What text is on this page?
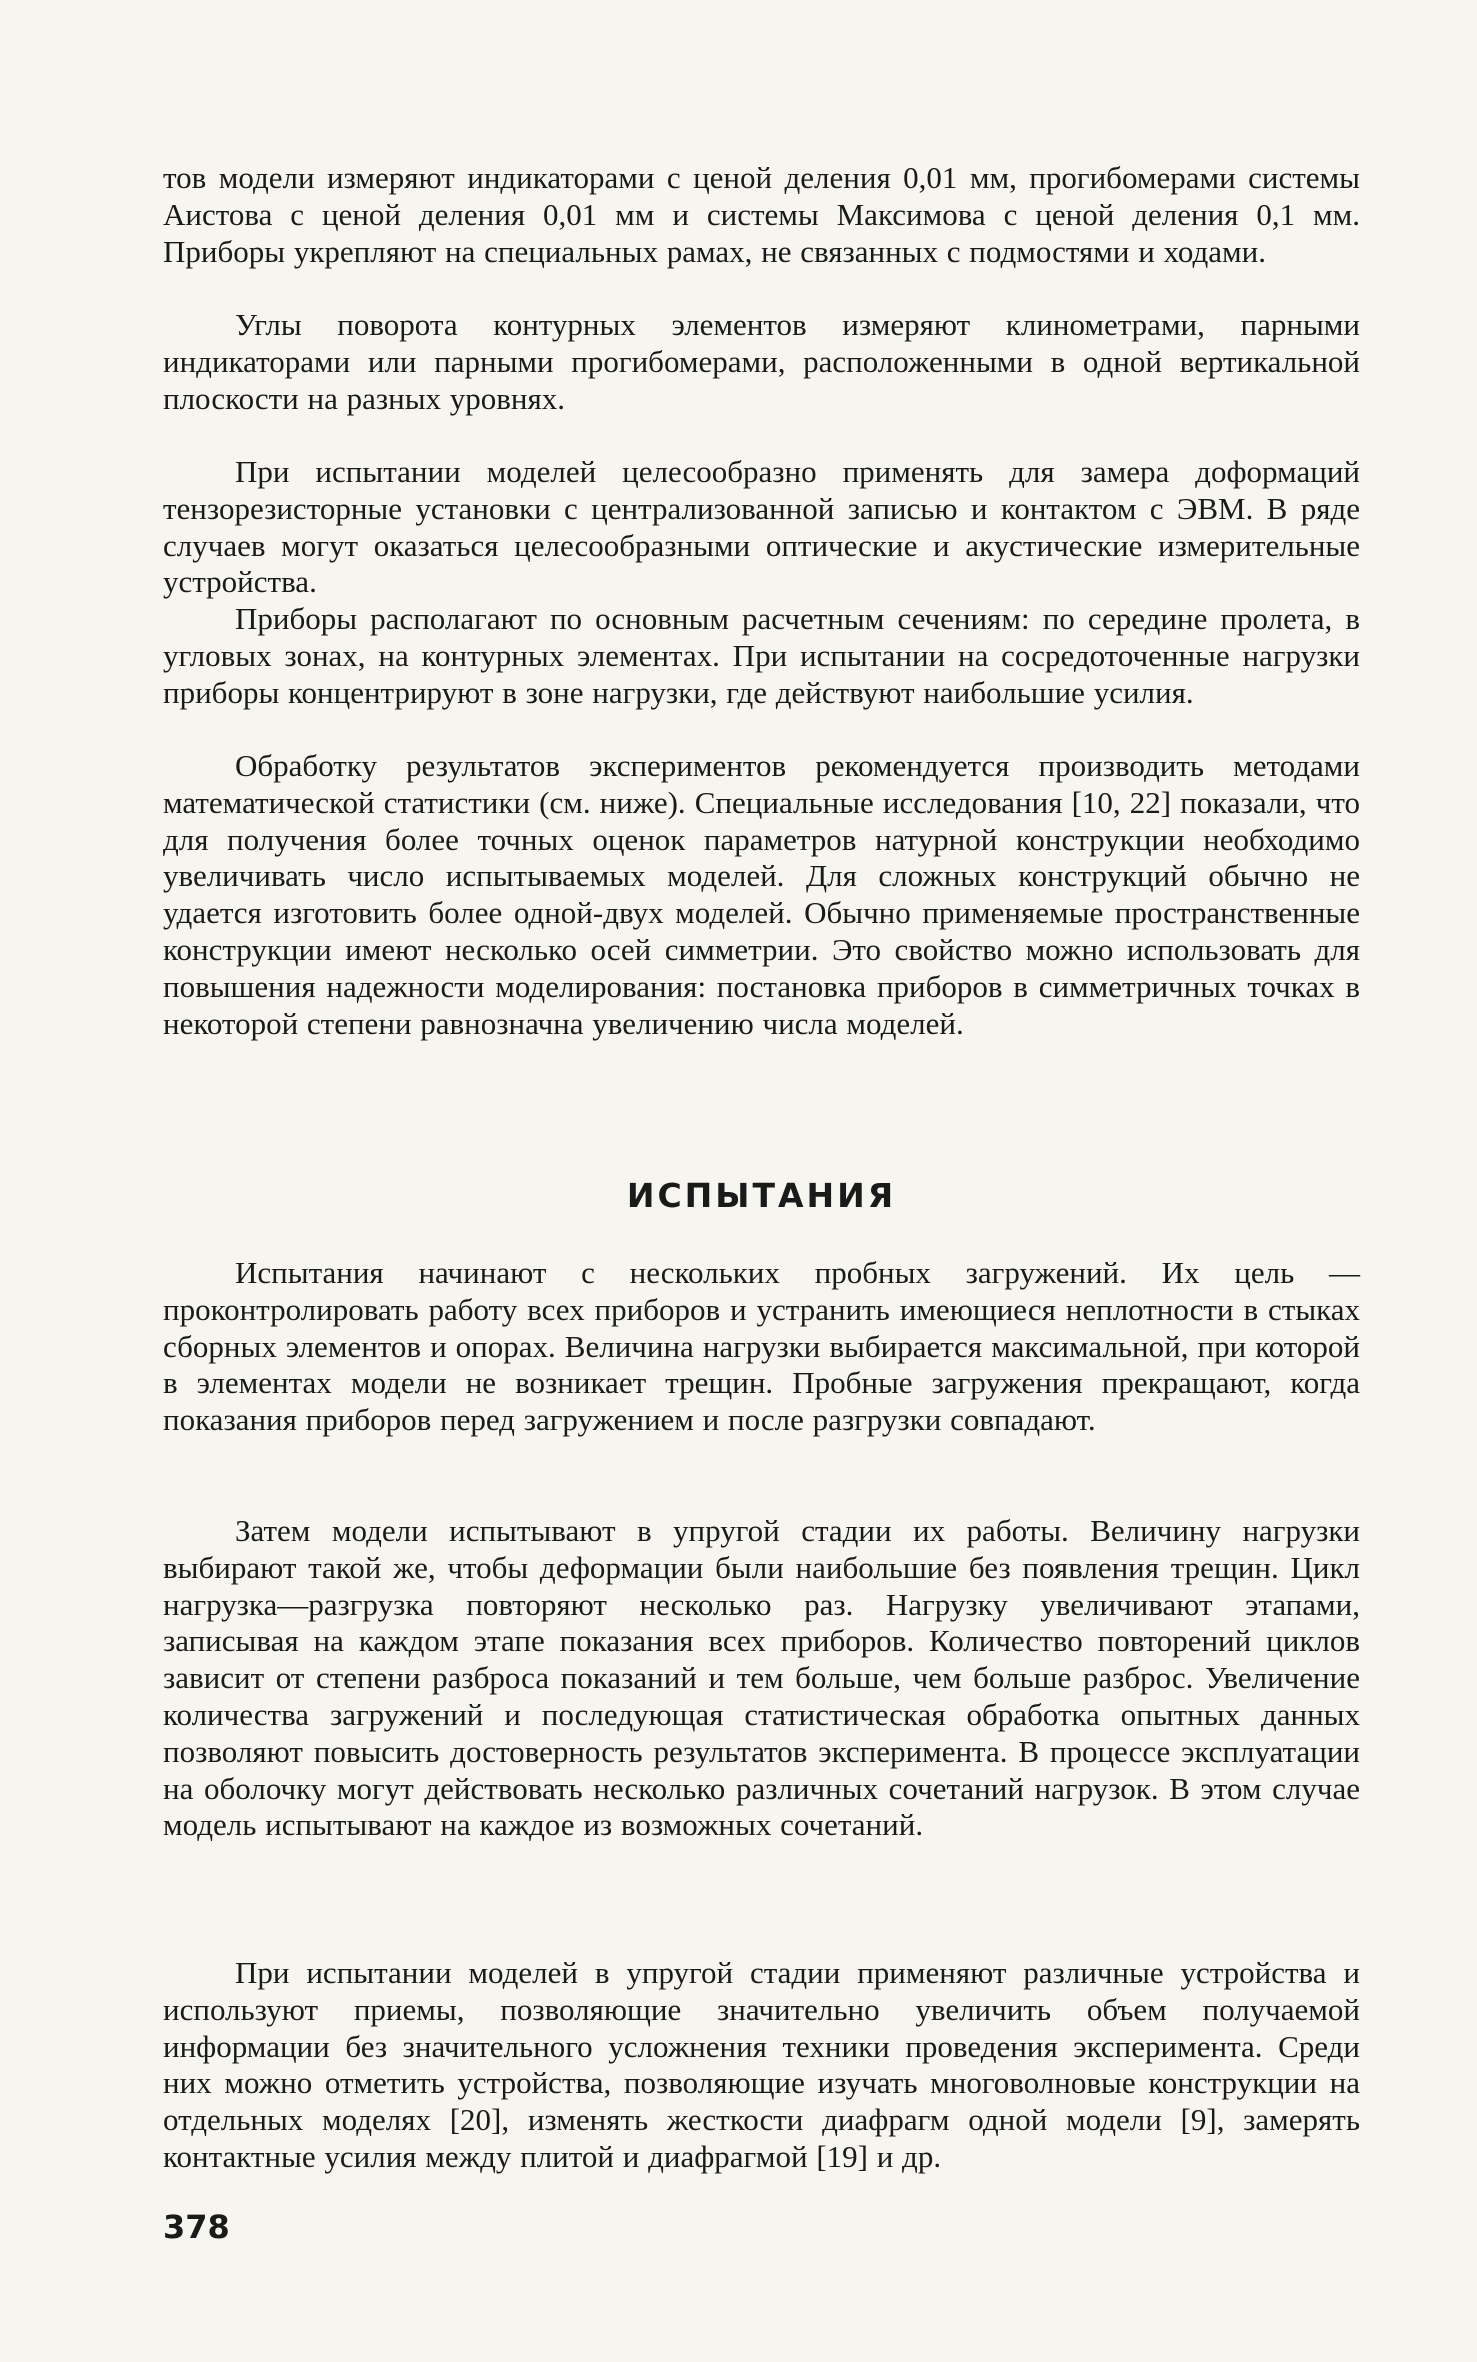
тов модели измеряют индикаторами с ценой деления 0,01 мм, прогибомерами системы Аистова с ценой деления 0,01 мм и системы Максимова с ценой деления 0,1 мм. Приборы укрепляют на специальных рамах, не связанных с подмостями и ходами.

Углы поворота контурных элементов измеряют клинометрами, парными индикаторами или парными прогибомерами, расположенными в одной вертикальной плоскости на разных уровнях.

При испытании моделей целесообразно применять для замера доформаций тензорезисторные установки с централизованной записью и контактом с ЭВМ. В ряде случаев могут оказаться целесообразными оптические и акустические измерительные устройства.

Приборы располагают по основным расчетным сечениям: по середине пролета, в угловых зонах, на контурных элементах. При испытании на сосредоточенные нагрузки приборы концентрируют в зоне нагрузки, где действуют наибольшие усилия.

Обработку результатов экспериментов рекомендуется производить методами математической статистики (см. ниже). Специальные исследования [10, 22] показали, что для получения более точных оценок параметров натурной конструкции необходимо увеличивать число испытываемых моделей. Для сложных конструкций обычно не удается изготовить более одной-двух моделей. Обычно применяемые пространственные конструкции имеют несколько осей симметрии. Это свойство можно использовать для повышения надежности моделирования: постановка приборов в симметричных точках в некоторой степени равнозначна увеличению числа моделей.

ИСПЫТАНИЯ

Испытания начинают с нескольких пробных загружений. Их цель — проконтролировать работу всех приборов и устранить имеющиеся неплотности в стыках сборных элементов и опорах. Величина нагрузки выбирается максимальной, при которой в элементах модели не возникает трещин. Пробные загружения прекращают, когда показания приборов перед загружением и после разгрузки совпадают.

Затем модели испытывают в упругой стадии их работы. Величину нагрузки выбирают такой же, чтобы деформации были наибольшие без появления трещин. Цикл нагрузка—разгрузка повторяют несколько раз. Нагрузку увеличивают этапами, записывая на каждом этапе показания всех приборов. Количество повторений циклов зависит от степени разброса показаний и тем больше, чем больше разброс. Увеличение количества загружений и последующая статистическая обработка опытных данных позволяют повысить достоверность результатов эксперимента. В процессе эксплуатации на оболочку могут действовать несколько различных сочетаний нагрузок. В этом случае модель испытывают на каждое из возможных сочетаний.

При испытании моделей в упругой стадии применяют различные устройства и используют приемы, позволяющие значительно увеличить объем получаемой информации без значительного усложнения техники проведения эксперимента. Среди них можно отметить устройства, позволяющие изучать многоволновые конструкции на отдельных моделях [20], изменять жесткости диафрагм одной модели [9], замерять контактные усилия между плитой и диафрагмой [19] и др.

378
